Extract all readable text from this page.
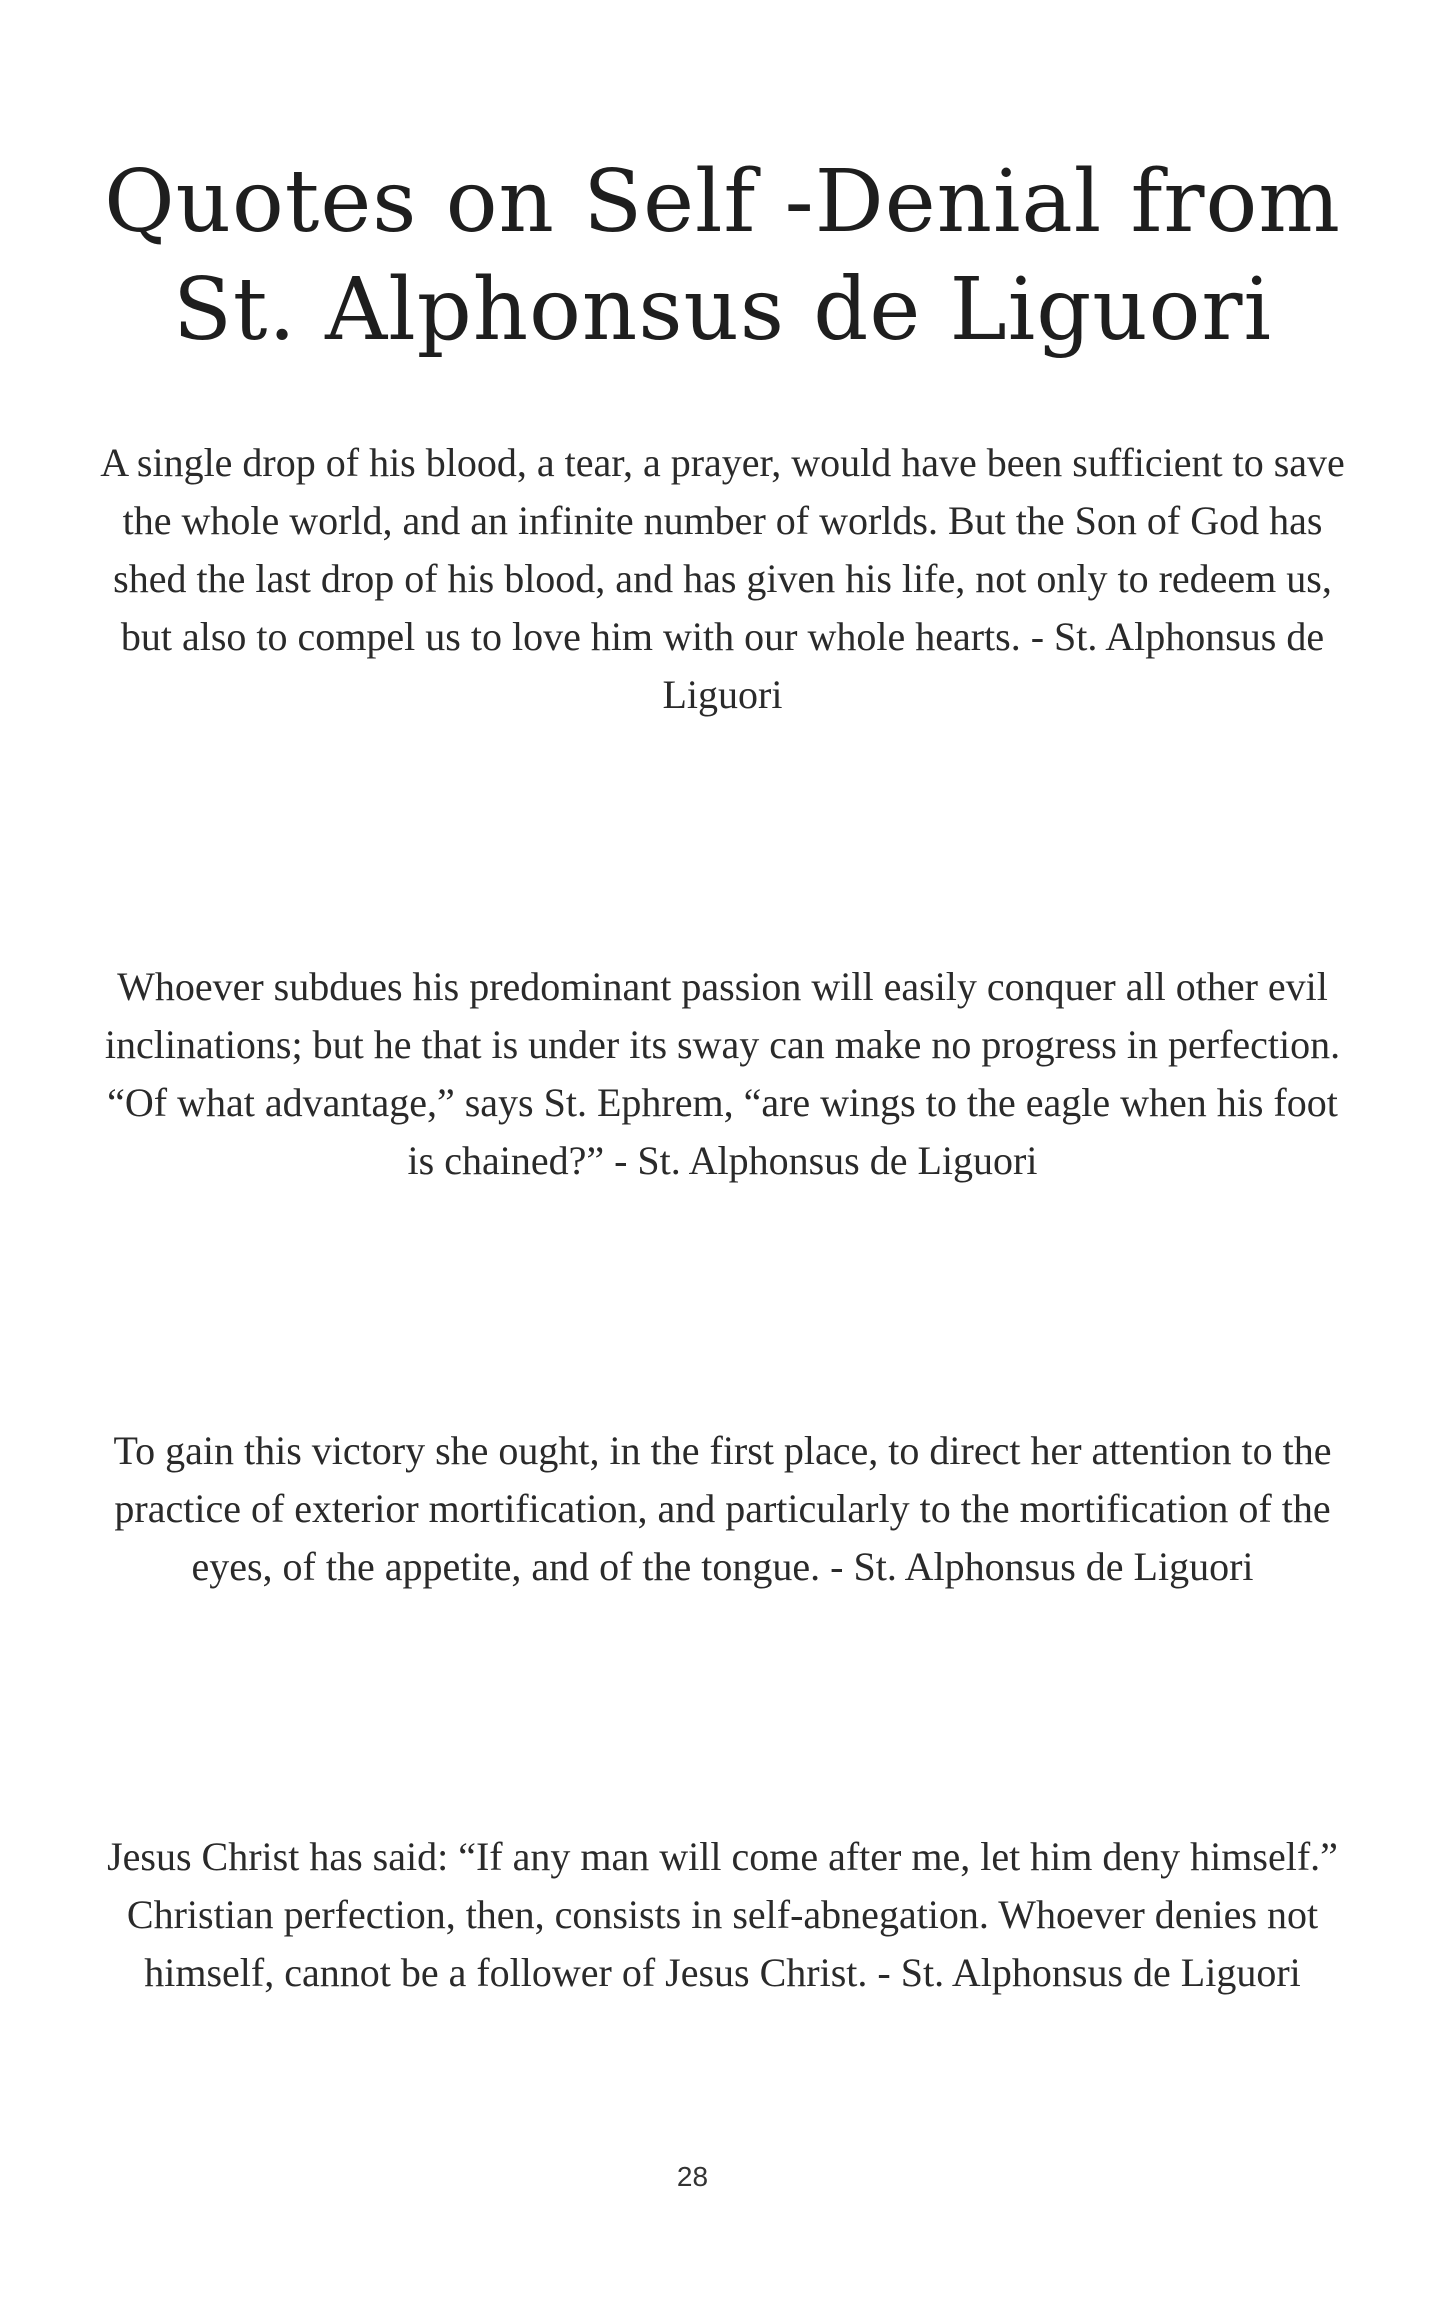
Quotes on Self -Denial from
St. Alphonsus de Liguori

A single drop of his blood, a tear, a prayer, would have been sufficient to save the whole world, and an infinite number of worlds. But the Son of God has shed the last drop of his blood, and has given his life, not only to redeem us, but also to compel us to love him with our whole hearts. - St. Alphonsus de Liguori

Whoever subdues his predominant passion will easily conquer all other evil inclinations; but he that is under its sway can make no progress in perfection. “Of what advantage,” says St. Ephrem, “are wings to the eagle when his foot is chained?” - St. Alphonsus de Liguori

To gain this victory she ought, in the first place, to direct her attention to the practice of exterior mortification, and particularly to the mortification of the eyes, of the appetite, and of the tongue. - St. Alphonsus de Liguori

Jesus Christ has said: “If any man will come after me, let him deny himself.” Christian perfection, then, consists in self-abnegation. Whoever denies not himself, cannot be a follower of Jesus Christ. - St. Alphonsus de Liguori

28
